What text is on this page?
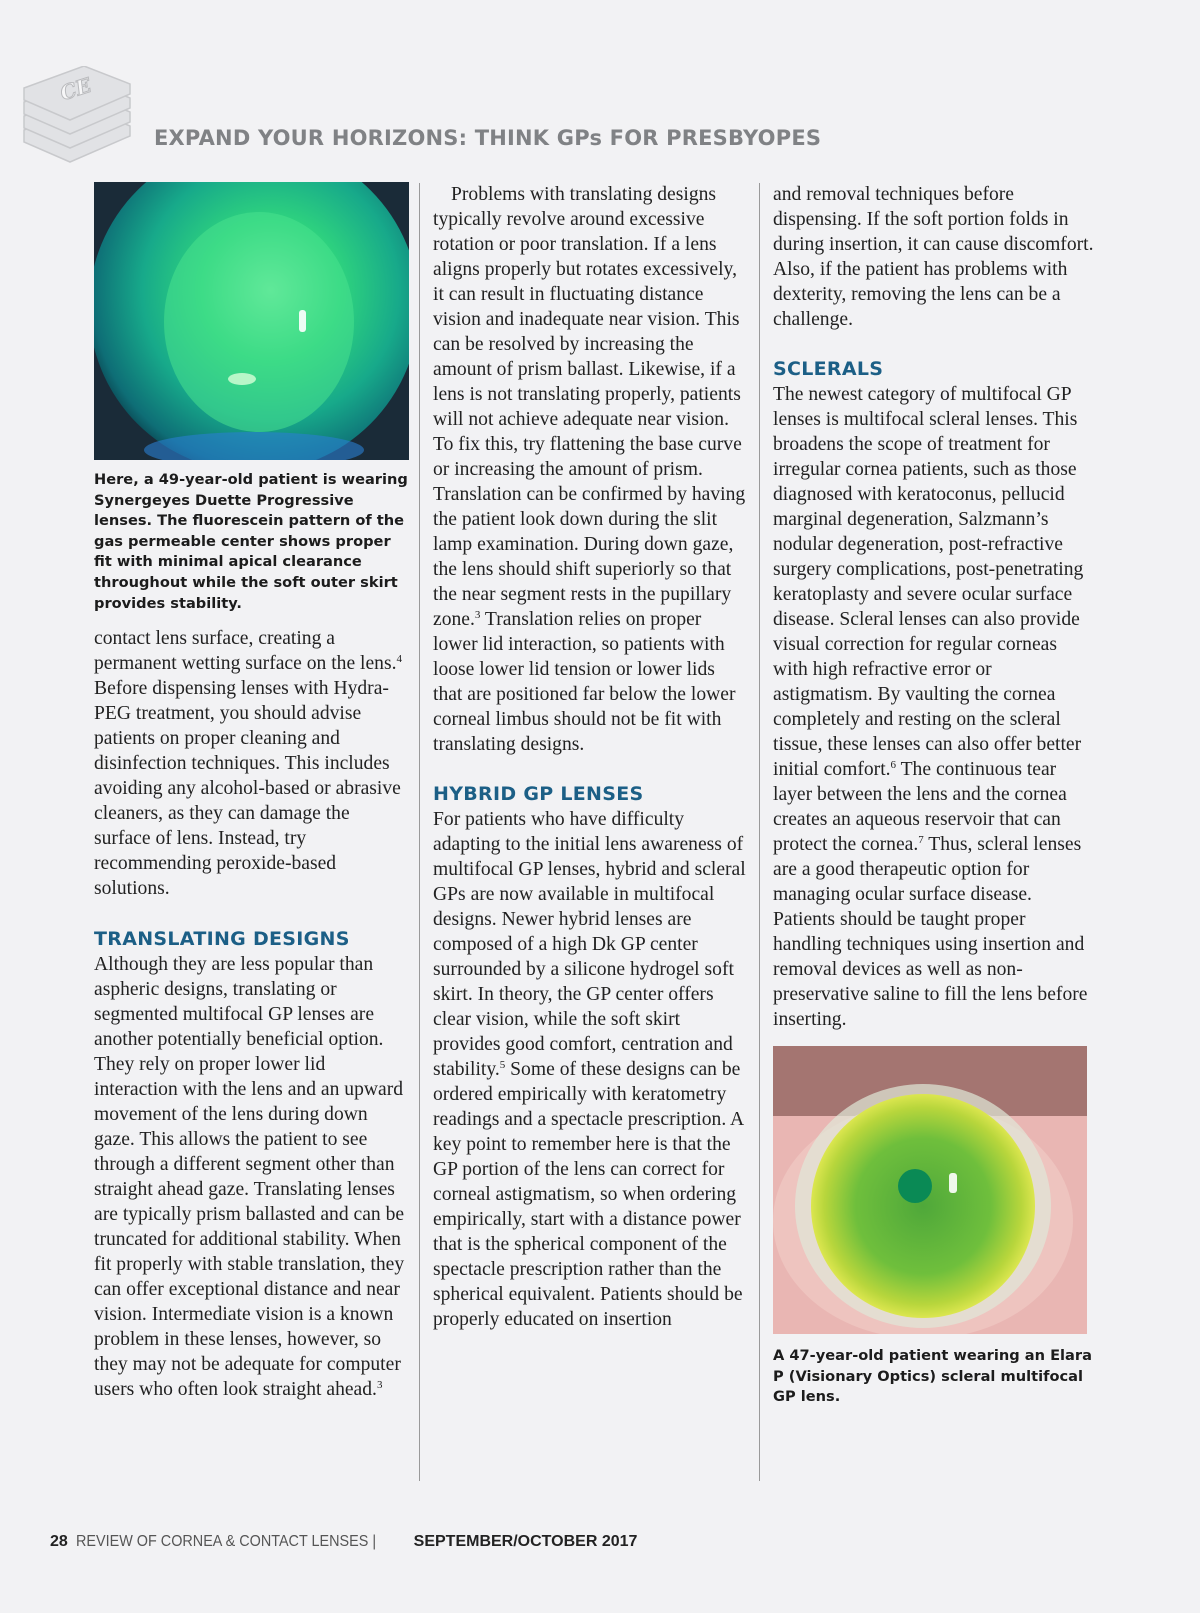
CE
EXPAND YOUR HORIZONS: THINK GPs FOR PRESBYOPES

Here, a 49-year-old patient is wearing Synergeyes Duette Progressive lenses. The fluorescein pattern of the gas permeable center shows proper fit with minimal apical clearance throughout while the soft outer skirt provides stability.

contact lens surface, creating a permanent wetting surface on the lens.$^4$ Before dispensing lenses with Hydra-PEG treatment, you should advise patients on proper cleaning and disinfection techniques. This includes avoiding any alcohol-based or abrasive cleaners, as they can damage the surface of lens. Instead, try recommending peroxide-based solutions.

TRANSLATING DESIGNS

Although they are less popular than aspheric designs, translating or segmented multifocal GP lenses are another potentially beneficial option. They rely on proper lower lid interaction with the lens and an upward movement of the lens during down gaze. This allows the patient to see through a different segment other than straight ahead gaze. Translating lenses are typically prism ballasted and can be truncated for additional stability. When fit properly with stable translation, they can offer exceptional distance and near vision. Intermediate vision is a known problem in these lenses, however, so they may not be adequate for computer users who often look straight ahead.$^3$

Problems with translating designs typically revolve around excessive rotation or poor translation. If a lens aligns properly but rotates excessively, it can result in fluctuating distance vision and inadequate near vision. This can be resolved by increasing the amount of prism ballast. Likewise, if a lens is not translating properly, patients will not achieve adequate near vision. To fix this, try flattening the base curve or increasing the amount of prism. Translation can be confirmed by having the patient look down during the slit lamp examination. During down gaze, the lens should shift superiorly so that the near segment rests in the pupillary zone.$^3$ Translation relies on proper lower lid interaction, so patients with loose lower lid tension or lower lids that are positioned far below the lower corneal limbus should not be fit with translating designs.

HYBRID GP LENSES

For patients who have difficulty adapting to the initial lens awareness of multifocal GP lenses, hybrid and scleral GPs are now available in multifocal designs. Newer hybrid lenses are composed of a high Dk GP center surrounded by a silicone hydrogel soft skirt. In theory, the GP center offers clear vision, while the soft skirt provides good comfort, centration and stability.$^5$ Some of these designs can be ordered empirically with keratometry readings and a spectacle prescription. A key point to remember here is that the GP portion of the lens can correct for corneal astigmatism, so when ordering empirically, start with a distance power that is the spherical component of the spectacle prescription rather than the spherical equivalent. Patients should be properly educated on insertion

and removal techniques before dispensing. If the soft portion folds in during insertion, it can cause discomfort. Also, if the patient has problems with dexterity, removing the lens can be a challenge.

SCLERALS

The newest category of multifocal GP lenses is multifocal scleral lenses. This broadens the scope of treatment for irregular cornea patients, such as those diagnosed with keratoconus, pellucid marginal degeneration, Salzmann’s nodular degeneration, post-refractive surgery complications, post-penetrating keratoplasty and severe ocular surface disease. Scleral lenses can also provide visual correction for regular corneas with high refractive error or astigmatism. By vaulting the cornea completely and resting on the scleral tissue, these lenses can also offer better initial comfort.$^6$ The continuous tear layer between the lens and the cornea creates an aqueous reservoir that can protect the cornea.$^7$ Thus, scleral lenses are a good therapeutic option for managing ocular surface disease. Patients should be taught proper handling techniques using insertion and removal devices as well as non-preservative saline to fill the lens before inserting.

A 47-year-old patient wearing an Elara P (Visionary Optics) scleral multifocal GP lens.

28 REVIEW OF CORNEA & CONTACT LENSES | SEPTEMBER/OCTOBER 2017
